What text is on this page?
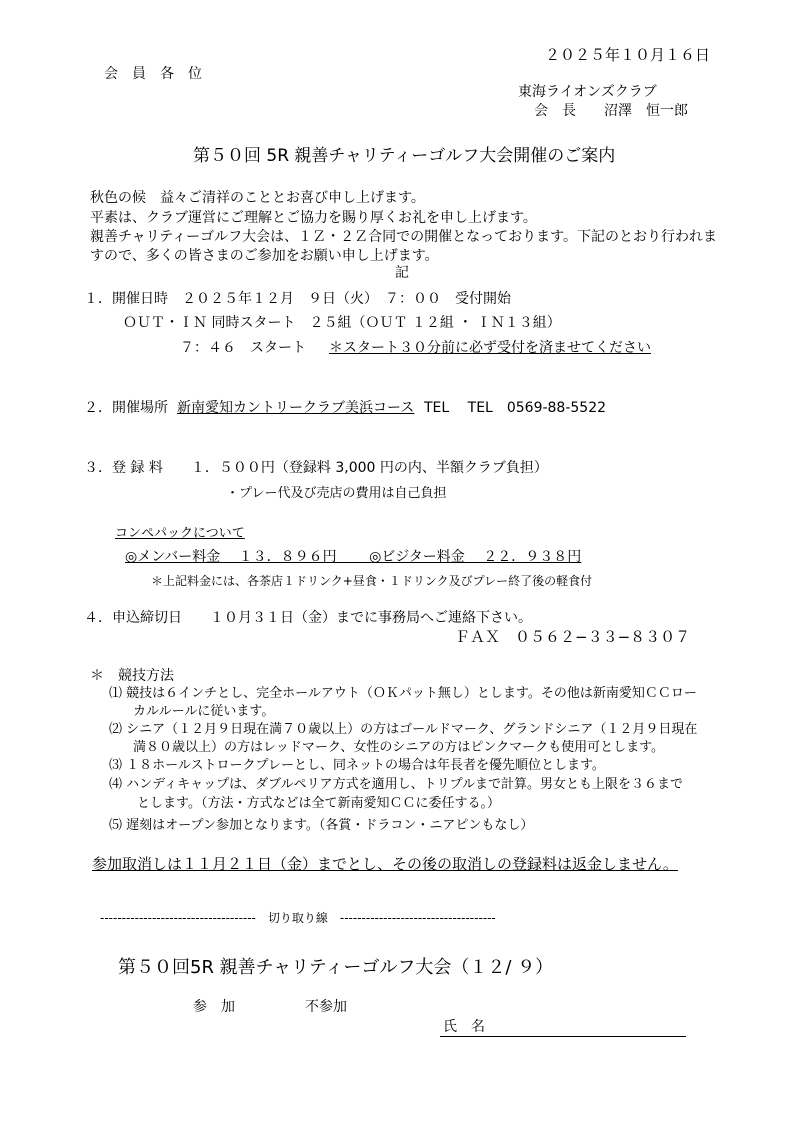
２０２５年１０月１６日
会　員　各　位
東海ライオンズクラブ
会　長　　沼澤　恒一郎
第５０回 5R 親善チャリティーゴルフ大会開催のご案内
秋色の候　益々ご清祥のこととお喜び申し上げます。
平素は、クラブ運営にご理解とご協力を賜り厚くお礼を申し上げます。
親善チャリティーゴルフ大会は、１Ｚ・２Ｚ合同での開催となっております。下記のとおり行われま
すので、多くの皆さまのご参加をお願い申し上げます。
記
１．開催日時　２０２５年１２月　９日（火）　７：００　受付開始
ＯＵＴ・ＩＮ 同時スタート　２５組（ＯＵＴ １２組 ・ ＩＮ１３組）
７：４６　スタート ＊スタート３０分前に必ず受付を済ませてください
２．開催場所 新南愛知カントリークラブ美浜コース TEL　 TEL　0569-88-5522
３．登 録 料　　１．５００円（登録料 3,000 円の内、半額クラブ負担）
・プレー代及び売店の費用は自己負担
コンペパックについて
◎メンバー料金　 １３．８９６円　　 ◎ビジター料金　 ２２．９３８円
＊上記料金には、各茶店１ドリンク+昼食・１ドリンク及びプレー終了後の軽食付
４．申込締切日　　１０月３１日（金）までに事務局へご連絡下さい。
ＦＡＸ　０５６２−３３−８３０７
＊　競技方法
⑴ 競技は６インチとし、完全ホールアウト（ＯＫパット無し）とします。その他は新南愛知ＣＣロー
カルルールに従います。
⑵ シニア（１２月９日現在満７０歳以上）の方はゴールドマーク、グランドシニア（１２月９日現在
満８０歳以上）の方はレッドマーク、女性のシニアの方はピンクマークも使用可とします。
⑶ １８ホールストロークプレーとし、同ネットの場合は年長者を優先順位とします。
⑷ ハンディキャップは、ダブルペリア方式を適用し、トリプルまで計算。男女とも上限を３６まで
とします。（方法・方式などは全て新南愛知ＣＣに委任する。）
⑸ 遅刻はオープン参加となります。（各賞・ドラコン・ニアピンもなし）
参加取消しは１１月２１日（金）までとし、その後の取消しの登録料は返金しません。
------------------------------------　切り取り線　------------------------------------
第５０回5R 親善チャリティーゴルフ大会（１２/ ９）
参　加	不参加
氏　名
